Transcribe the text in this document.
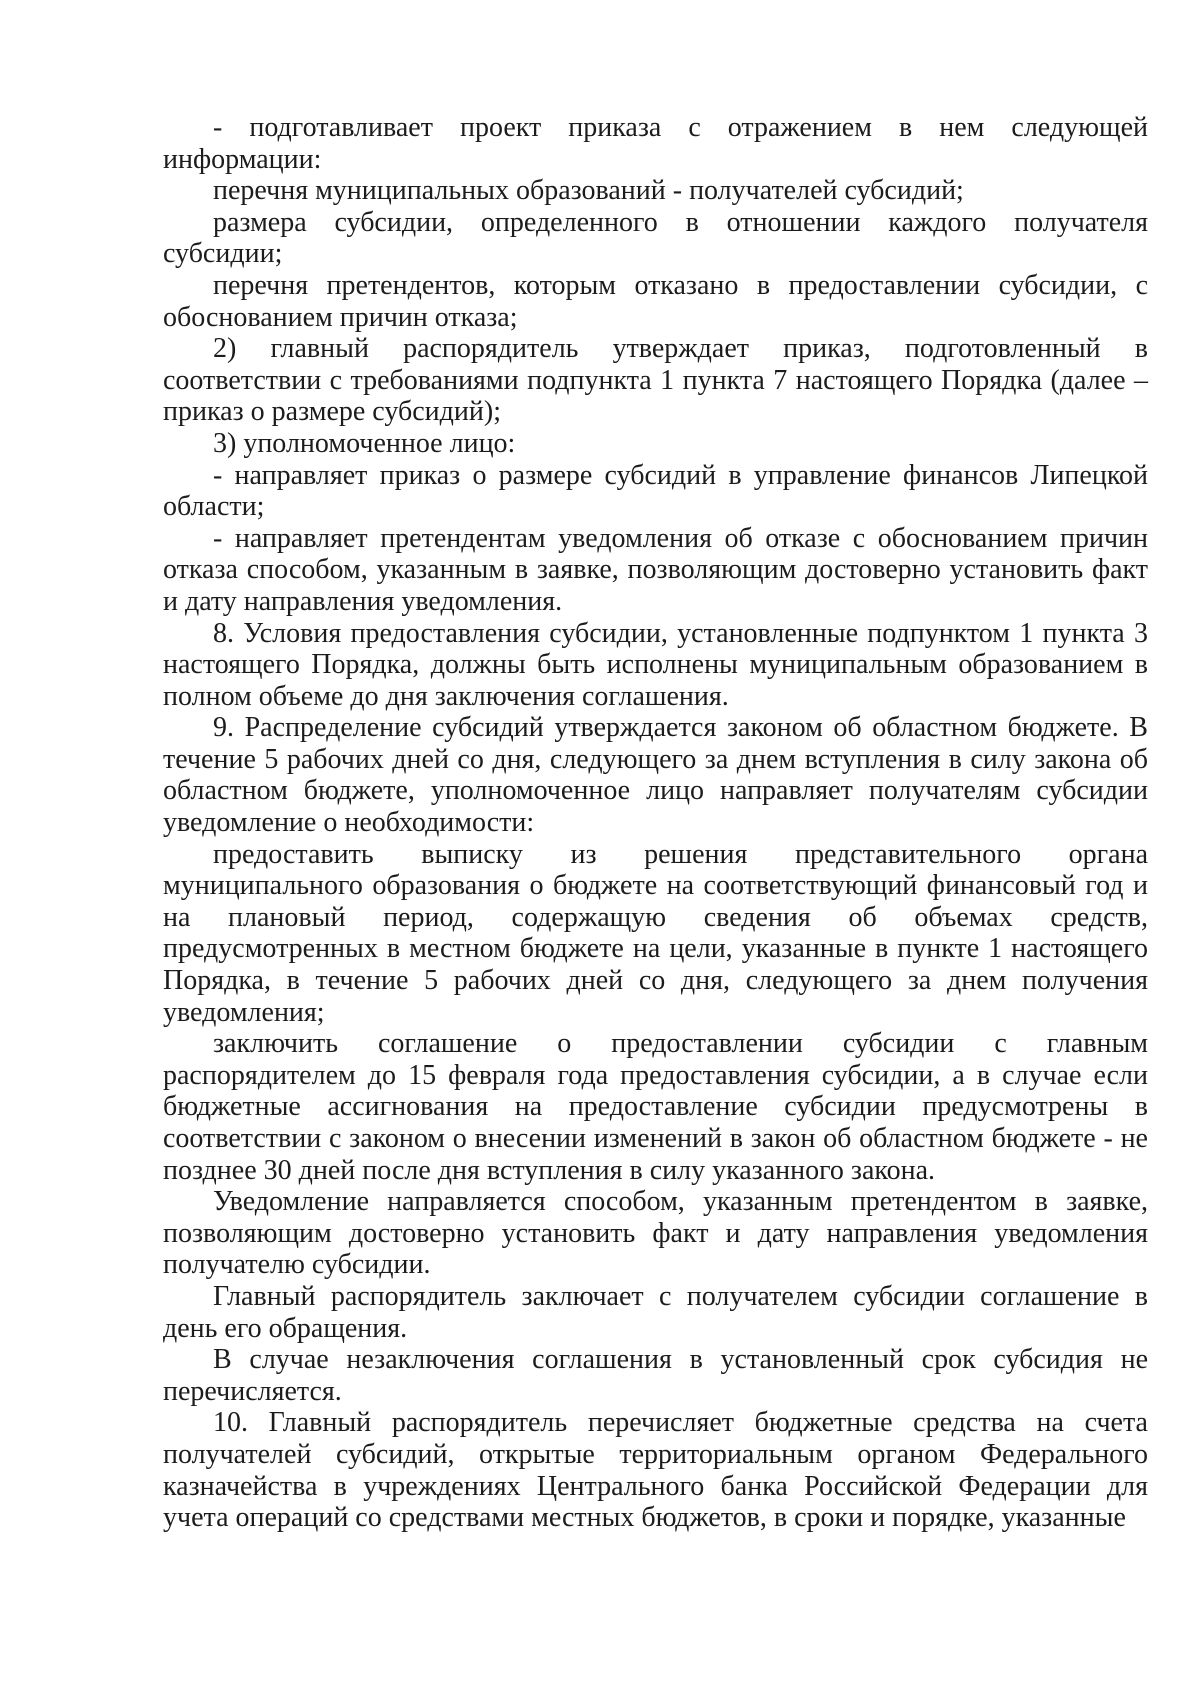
- подготавливает проект приказа с отражением в нем следующей информации:

перечня муниципальных образований - получателей субсидий;

размера субсидии, определенного в отношении каждого получателя субсидии;

перечня претендентов, которым отказано в предоставлении субсидии, с обоснованием причин отказа;

2) главный распорядитель утверждает приказ, подготовленный в соответствии с требованиями подпункта 1 пункта 7 настоящего Порядка (далее – приказ о размере субсидий);

3) уполномоченное лицо:

- направляет приказ о размере субсидий в управление финансов Липецкой области;

- направляет претендентам уведомления об отказе с обоснованием причин отказа способом, указанным в заявке, позволяющим достоверно установить факт и дату направления уведомления.

8. Условия предоставления субсидии, установленные подпунктом 1 пункта 3 настоящего Порядка, должны быть исполнены муниципальным образованием в полном объеме до дня заключения соглашения.

9. Распределение субсидий утверждается законом об областном бюджете. В течение 5 рабочих дней со дня, следующего за днем вступления в силу закона об областном бюджете, уполномоченное лицо направляет получателям субсидии уведомление о необходимости:

предоставить выписку из решения представительного органа муниципального образования о бюджете на соответствующий финансовый год и на плановый период, содержащую сведения об объемах средств, предусмотренных в местном бюджете на цели, указанные в пункте 1 настоящего Порядка, в течение 5 рабочих дней со дня, следующего за днем получения уведомления;

заключить соглашение о предоставлении субсидии с главным распорядителем до 15 февраля года предоставления субсидии, а в случае если бюджетные ассигнования на предоставление субсидии предусмотрены в соответствии с законом о внесении изменений в закон об областном бюджете - не позднее 30 дней после дня вступления в силу указанного закона.

Уведомление направляется способом, указанным претендентом в заявке, позволяющим достоверно установить факт и дату направления уведомления получателю субсидии.

Главный распорядитель заключает с получателем субсидии соглашение в день его обращения.

В случае незаключения соглашения в установленный срок субсидия не перечисляется.

10. Главный распорядитель перечисляет бюджетные средства на счета получателей субсидий, открытые территориальным органом Федерального казначейства в учреждениях Центрального банка Российской Федерации для учета операций со средствами местных бюджетов, в сроки и порядке, указанные
